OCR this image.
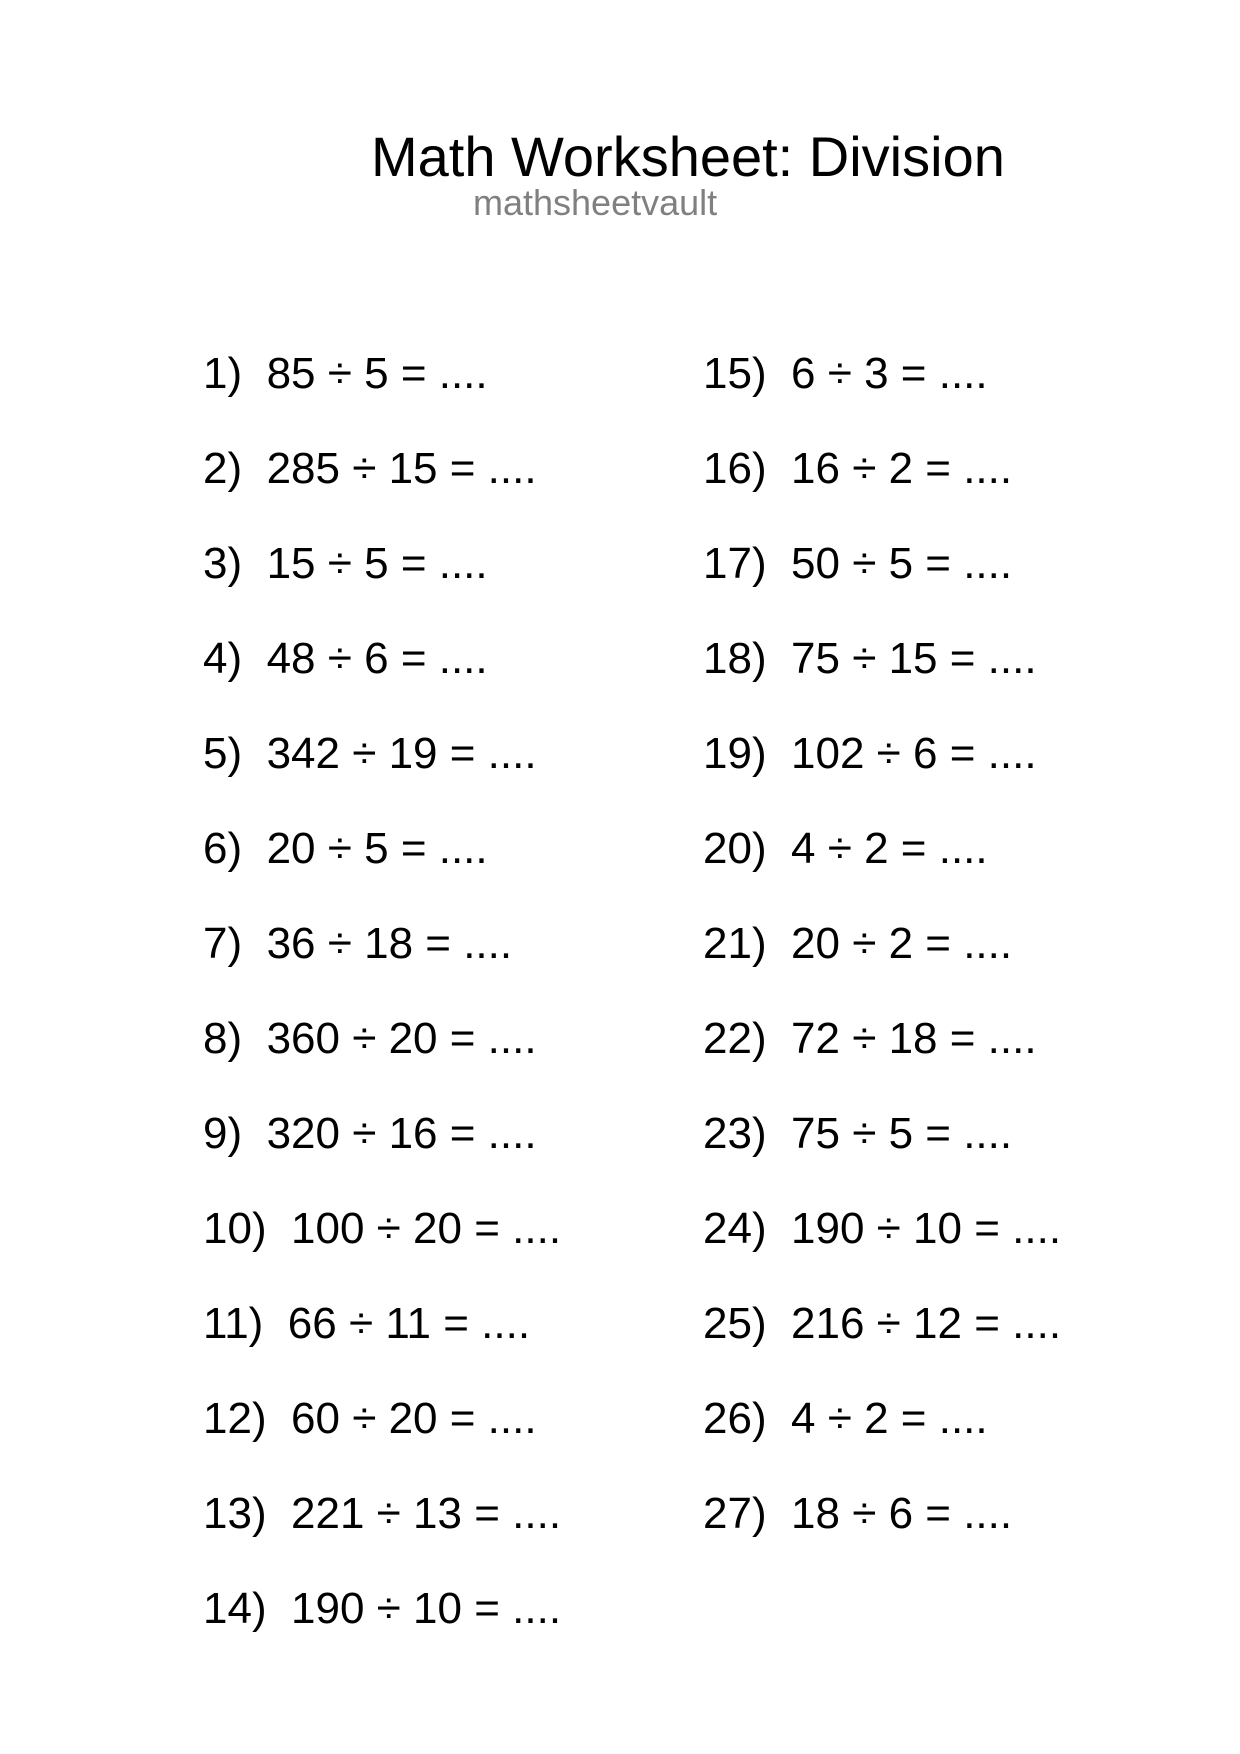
Math Worksheet: Division
mathsheetvault
1) 85 ÷ 5 = ....
2) 285 ÷ 15 = ....
3) 15 ÷ 5 = ....
4) 48 ÷ 6 = ....
5) 342 ÷ 19 = ....
6) 20 ÷ 5 = ....
7) 36 ÷ 18 = ....
8) 360 ÷ 20 = ....
9) 320 ÷ 16 = ....
10) 100 ÷ 20 = ....
11) 66 ÷ 11 = ....
12) 60 ÷ 20 = ....
13) 221 ÷ 13 = ....
14) 190 ÷ 10 = ....
15) 6 ÷ 3 = ....
16) 16 ÷ 2 = ....
17) 50 ÷ 5 = ....
18) 75 ÷ 15 = ....
19) 102 ÷ 6 = ....
20) 4 ÷ 2 = ....
21) 20 ÷ 2 = ....
22) 72 ÷ 18 = ....
23) 75 ÷ 5 = ....
24) 190 ÷ 10 = ....
25) 216 ÷ 12 = ....
26) 4 ÷ 2 = ....
27) 18 ÷ 6 = ....
